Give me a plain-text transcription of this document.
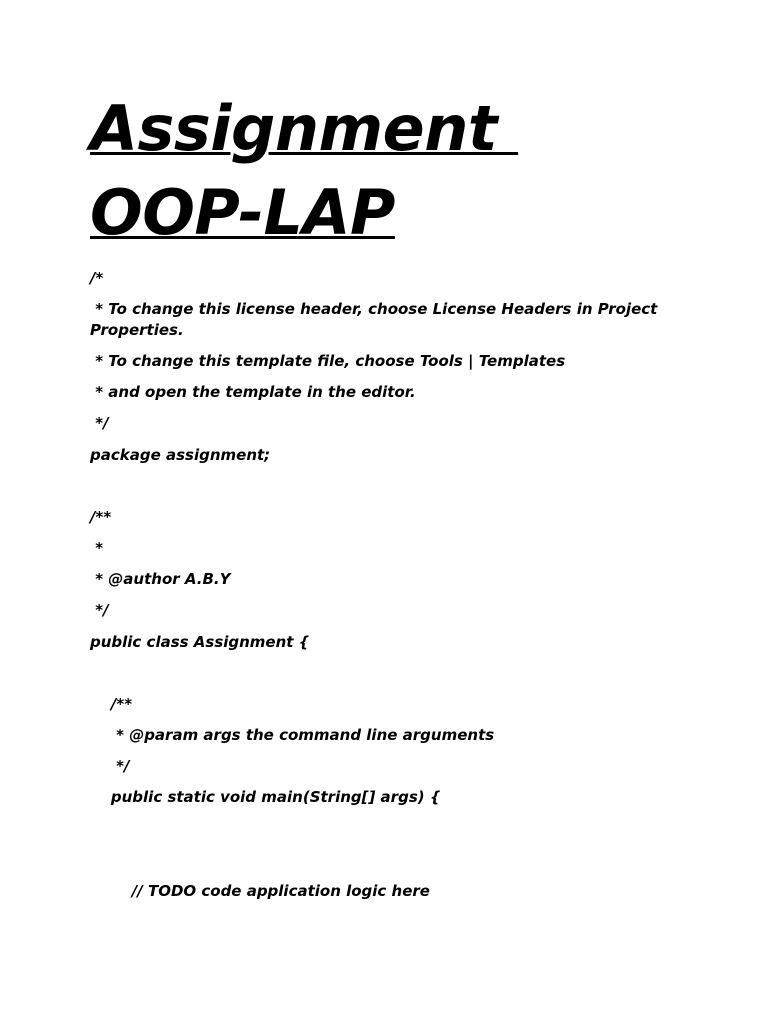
Assignment
OOP-LAP

/*

* To change this license header, choose License Headers in Project Properties.

* To change this template file, choose Tools | Templates

* and open the template in the editor.

*/

package assignment;

/**

*

* @author A.B.Y

*/

public class Assignment {

/**

* @param args the command line arguments

*/

public static void main(String[] args) {

// TODO code application logic here
